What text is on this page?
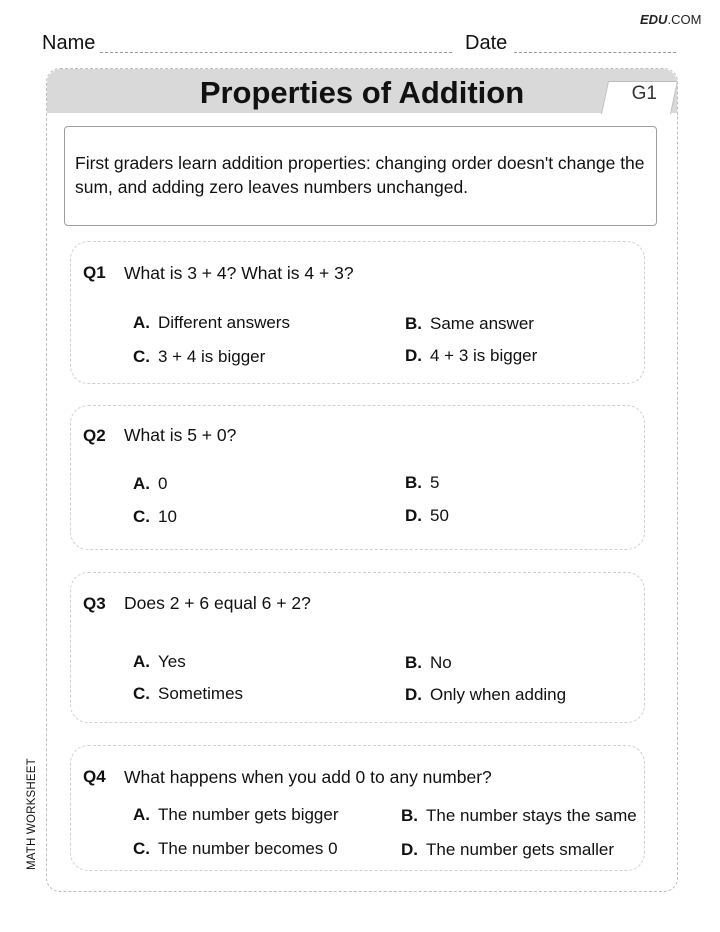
EDU.COM
Name	Date
Properties of Addition	G1
First graders learn addition properties: changing order doesn't change the sum, and adding zero leaves numbers unchanged.
Q1 What is 3 + 4? What is 4 + 3?
A. Different answers	B. Same answer
C. 3 + 4 is bigger	D. 4 + 3 is bigger
Q2 What is 5 + 0?
A. 0	B. 5
C. 10	D. 50
Q3 Does 2 + 6 equal 6 + 2?
A. Yes	B. No
C. Sometimes	D. Only when adding
Q4 What happens when you add 0 to any number?
A. The number gets bigger	B. The number stays the same
C. The number becomes 0	D. The number gets smaller
MATH WORKSHEET
